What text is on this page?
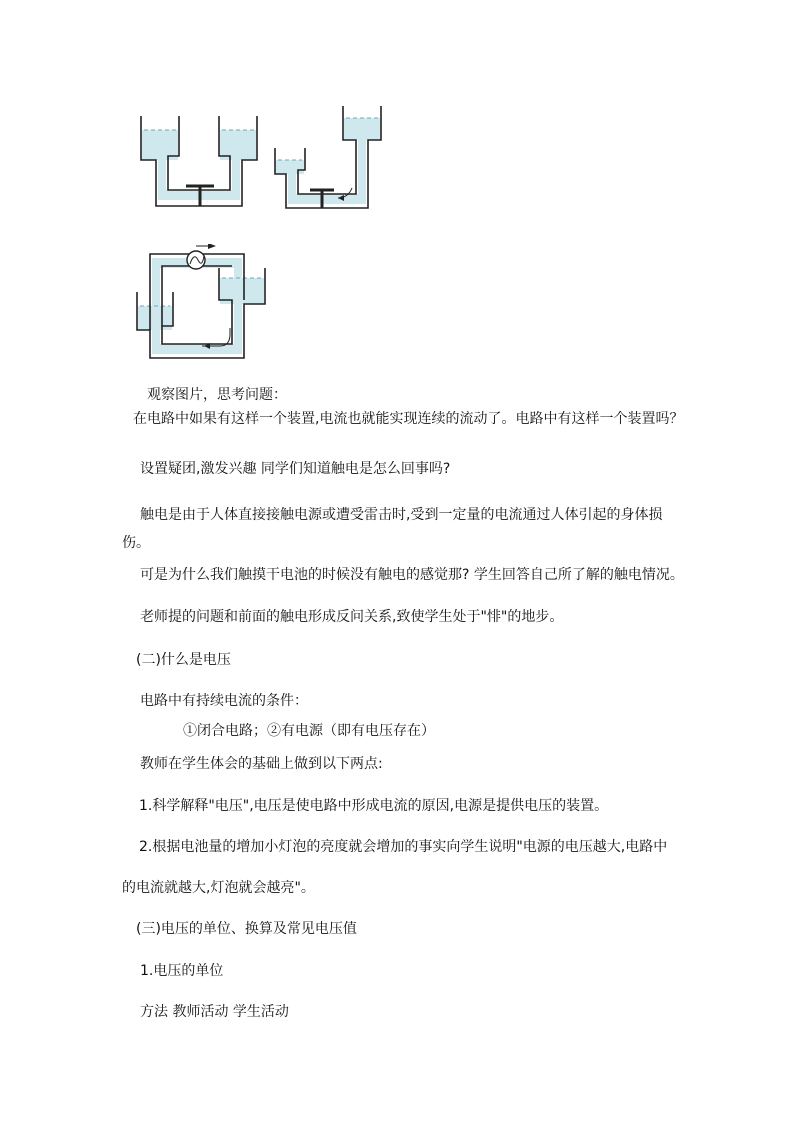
观察图片，思考问题：

在电路中如果有这样一个装置,电流也就能实现连续的流动了。电路中有这样一个装置吗？

设置疑团,激发兴趣 同学们知道触电是怎么回事吗?

触电是由于人体直接接触电源或遭受雷击时,受到一定量的电流通过人体引起的身体损

伤。

可是为什么我们触摸干电池的时候没有触电的感觉那? 学生回答自己所了解的触电情况。

老师提的问题和前面的触电形成反问关系,致使学生处于"悱"的地步。

(二)什么是电压

电路中有持续电流的条件：

①闭合电路；②有电源（即有电压存在）

教师在学生体会的基础上做到以下两点:

1.科学解释"电压",电压是使电路中形成电流的原因,电源是提供电压的装置。

2.根据电池量的增加小灯泡的亮度就会增加的事实向学生说明"电源的电压越大,电路中

的电流就越大,灯泡就会越亮"。

(三)电压的单位、换算及常见电压值

1.电压的单位

方法 教师活动 学生活动
